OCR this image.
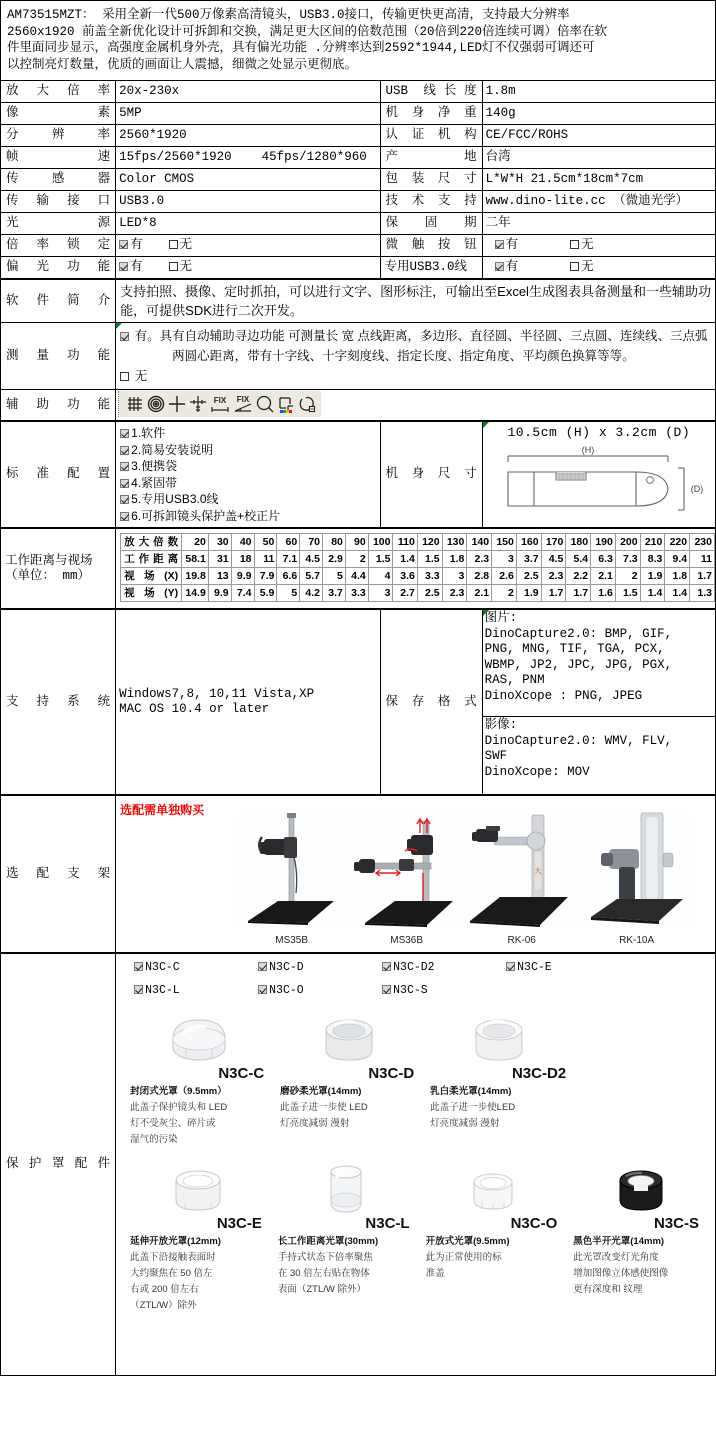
AM73515MZT： 采用全新一代500万像素高清镜头，USB3.0接口，传输更快更高清，支持最大分辨率
2560x1920 前盖全新优化设计可拆卸和交换，满足更大区间的倍数范围（20倍到220倍连续可调）倍率在软
件里面同步显示，高强度金属机身外壳，具有偏光功能 .分辨率达到2592*1944,LED灯不仅强弱可调还可
以控制亮灯数量，优质的画面让人震撼，细微之处显示更彻底。
放大倍率	20x-230x	USB 线长度	1.8m
像素	5MP	机身净重	140g
分辨率	2560*1920	认证机构	CE/FCC/ROHS
帧速	15fps/2560*1920    45fps/1280*960	产地	台湾
传感器	Color CMOS	包装尺寸	L*W*H 21.5cm*18cm*7cm
传输接口	USB3.0	技术支持	www.dino-lite.cc （微迪光学）
光源	LED*8	保固期	二年
倍率锁定	有 无	微触按钮	有 无
偏光功能	有 无	专用USB3.0线	有 无
软件简介	支持拍照、摄像、定时抓拍，可以进行文字、图形标注，可输出至Excel生成图表具备测量和一些辅助功能，可提供SDK进行二次开发。
测量功能	有。具有自动辅助寻边功能 可测量长 宽 点线距离，多边形、直径圆、半径圆、三点圆、连续线、三点弧
两圆心距离，带有十字线、十字刻度线、指定长度、指定角度、平均颜色换算等等。
无

辅助功能	FIX FIX
标准配置	
1.软件
2.简易安装说明
3.便携袋
4.紧固带
5.专用USB3.0线
6.可拆卸镜头保护盖+校正片
	机身尺寸	
10.5cm (H) x 3.2cm (D)
(H)
(D)
工作距离与视场
（单位： mm）

放大倍数	20	30	40	50	60	70	80	90	100	110	120	130	140	150	160	170	180	190	200	210	220	230
工作距离	58.1	31	18	11	7.1	4.5	2.9	2	1.5	1.4	1.5	1.8	2.3	3	3.7	4.5	5.4	6.3	7.3	8.3	9.4	11
视场(X)	19.8	13	9.9	7.9	6.6	5.7	5	4.4	4	3.6	3.3	3	2.8	2.6	2.5	2.3	2.2	2.1	2	1.9	1.8	1.7
视场(Y)	14.9	9.9	7.4	5.9	5	4.2	3.7	3.3	3	2.7	2.5	2.3	2.1	2	1.9	1.7	1.7	1.6	1.5	1.4	1.4	1.3
支持系统	
Windows7,8, 10,11 Vista,XP
MAC OS 10.4 or later
	保存格式	
图片:
DinoCapture2.0: BMP, GIF,
PNG, MNG, TIF, TGA, PCX,
WBMP, JP2, JPC, JPG, PGX,
RAS, PNM
DinoXcope : PNG, JPEG
影像:
DinoCapture2.0: WMV, FLV,
SWF
DinoXcope: MOV
选配支架	
选配需单独购买
MS35B	MS36B
大
RK-06	RK-10A
保护罩配件	
N3C-C	N3C-D	N3C-D2	N3C-E
N3C-L	N3C-O	N3C-S
N3C-C
封闭式光罩（9.5mm）
此盖子保护镜头和 LED
灯不受灰尘、碎片或
湿气的污染
N3C-D
磨砂柔光罩(14mm)
此盖子进一步使 LED
灯亮度减弱 漫射
N3C-D2
乳白柔光罩(14mm)
此盖子进一步使LED
灯亮度减弱 漫射
N3C-E
延伸开放光罩(12mm)
此盖下沿接触表面时
大约聚焦在 50 倍左
右或 200 倍左右
（ZTL/W）除外
N3C-L
长工作距离光罩(30mm)
手持式状态下倍率聚焦
在 30 倍左右贴在物体
表面（ZTL/W 除外）
N3C-O
开放式光罩(9.5mm)
此为正常使用的标
准盖
N3C-S
黑色半开光罩(14mm)
此光罩改变灯光角度
增加图像立体感使图像
更有深度和 纹理
